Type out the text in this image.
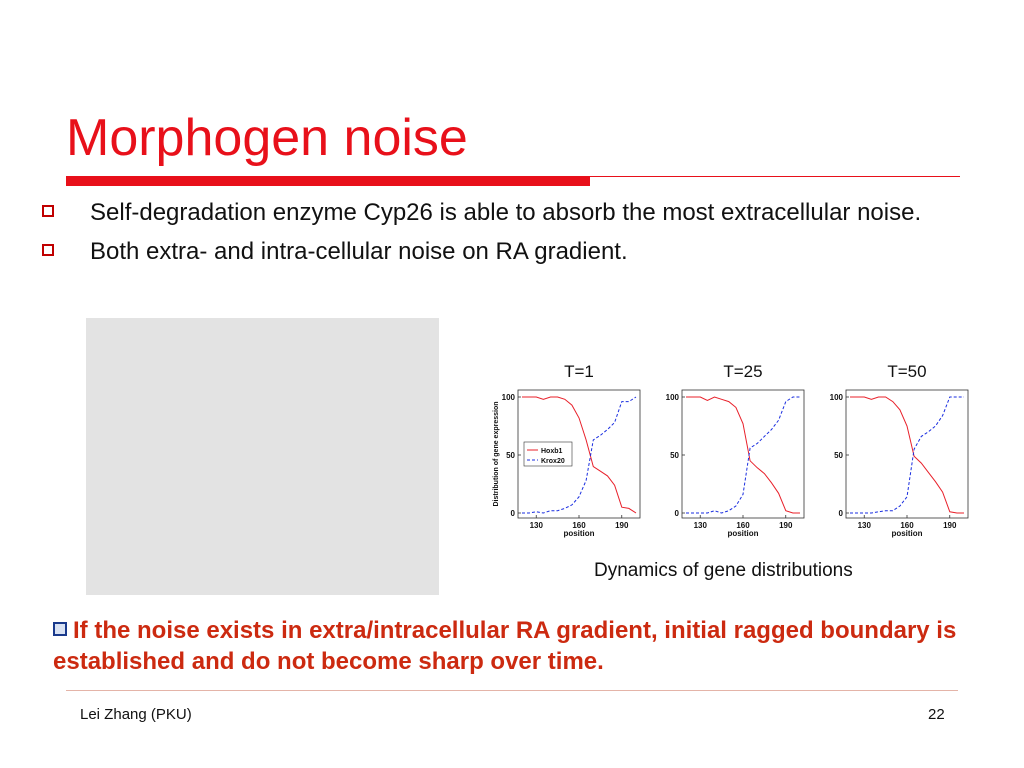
Morphogen noise
Self-degradation enzyme Cyp26 is able to absorb the most extracellular noise.
Both extra- and intra-cellular noise on RA gradient.
T=1
0
50
100
130	160	190
position
Distribution of gene expression	Hoxb1
Krox20
T=25
0
50
100
130	160	190
position
T=50
0
50
100
130	160	190
position
Dynamics of gene distributions
If the noise exists in extra/intracellular RA gradient, initial ragged boundary is established and do not become sharp over time.
Lei Zhang (PKU)	22
